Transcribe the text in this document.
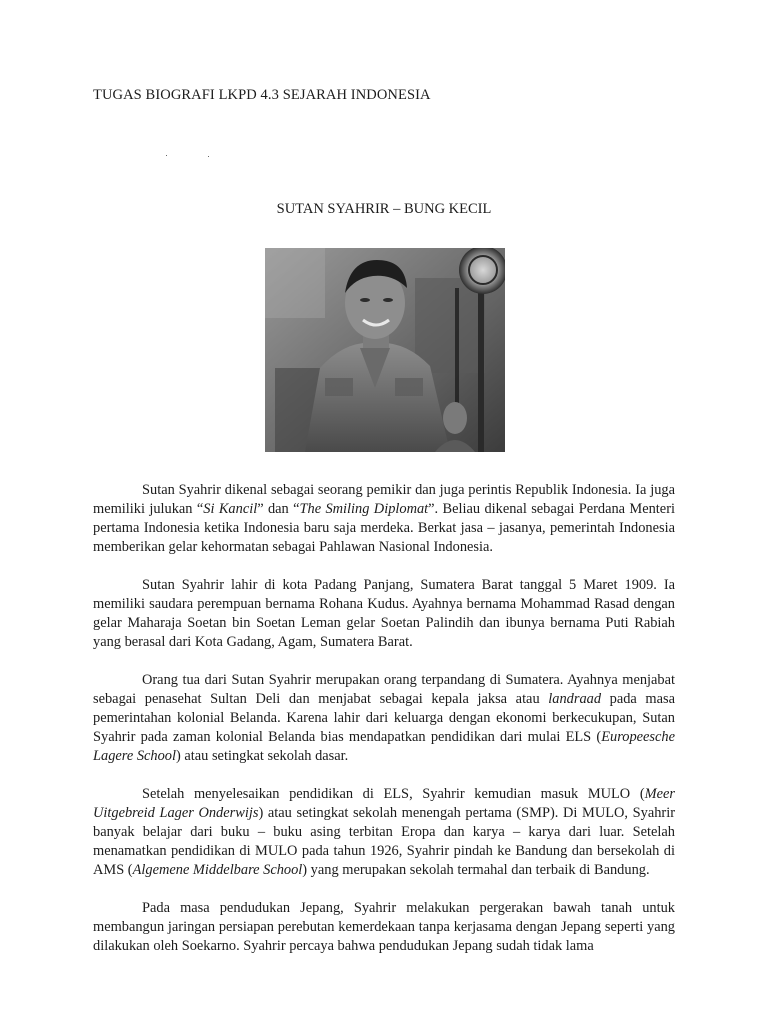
TUGAS BIOGRAFI LKPD 4.3 SEJARAH INDONESIA
SUTAN SYAHRIR – BUNG KECIL

Sutan Syahrir dikenal sebagai seorang pemikir dan juga perintis Republik Indonesia. Ia juga memiliki julukan “Si Kancil” dan “The Smiling Diplomat”. Beliau dikenal sebagai Perdana Menteri pertama Indonesia ketika Indonesia baru saja merdeka. Berkat jasa – jasanya, pemerintah Indonesia memberikan gelar kehormatan sebagai Pahlawan Nasional Indonesia.

Sutan Syahrir lahir di kota Padang Panjang, Sumatera Barat tanggal 5 Maret 1909. Ia memiliki saudara perempuan bernama Rohana Kudus. Ayahnya bernama Mohammad Rasad dengan gelar Maharaja Soetan bin Soetan Leman gelar Soetan Palindih dan ibunya bernama Puti Rabiah yang berasal dari Kota Gadang, Agam, Sumatera Barat.

Orang tua dari Sutan Syahrir merupakan orang terpandang di Sumatera. Ayahnya menjabat sebagai penasehat Sultan Deli dan menjabat sebagai kepala jaksa atau landraad pada masa pemerintahan kolonial Belanda. Karena lahir dari keluarga dengan ekonomi berkecukupan, Sutan Syahrir pada zaman kolonial Belanda bias mendapatkan pendidikan dari mulai ELS (Europeesche Lagere School) atau setingkat sekolah dasar.

Setelah menyelesaikan pendidikan di ELS, Syahrir kemudian masuk MULO (Meer Uitgebreid Lager Onderwijs) atau setingkat sekolah menengah pertama (SMP). Di MULO, Syahrir banyak belajar dari buku – buku asing terbitan Eropa dan karya – karya dari luar. Setelah menamatkan pendidikan di MULO pada tahun 1926, Syahrir pindah ke Bandung dan bersekolah di AMS (Algemene Middelbare School) yang merupakan sekolah termahal dan terbaik di Bandung.

Pada masa pendudukan Jepang, Syahrir melakukan pergerakan bawah tanah untuk membangun jaringan persiapan perebutan kemerdekaan tanpa kerjasama dengan Jepang seperti yang dilakukan oleh Soekarno. Syahrir percaya bahwa pendudukan Jepang sudah tidak lama
